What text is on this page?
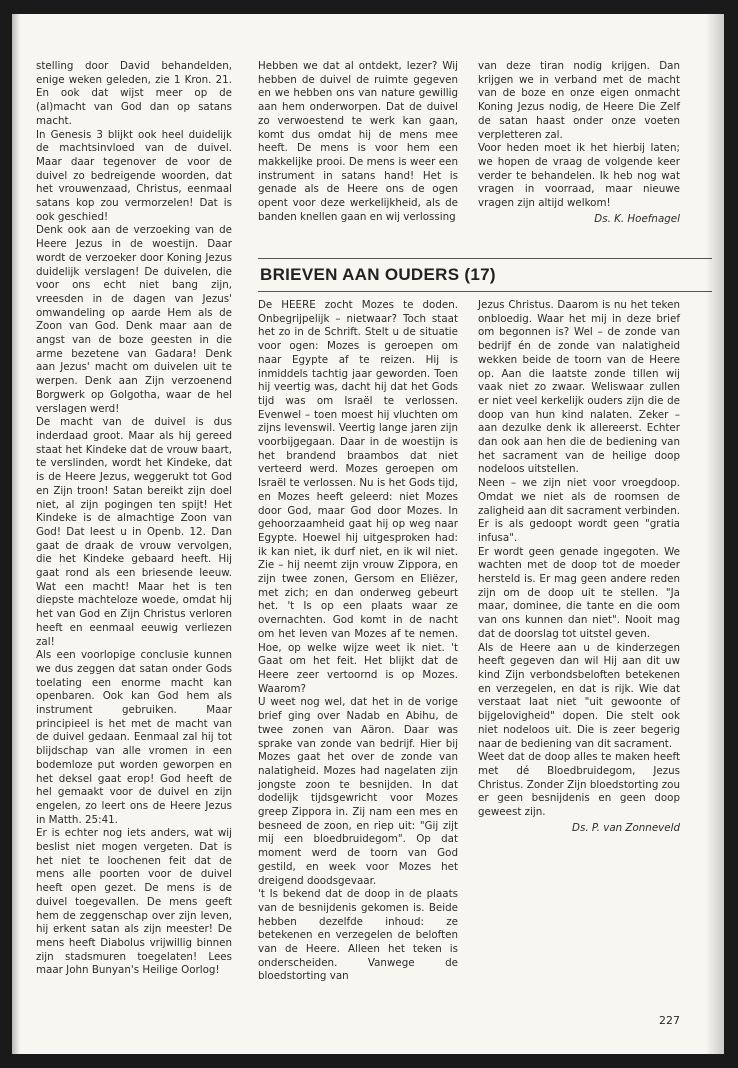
stelling door David behandelden, enige weken geleden, zie 1 Kron. 21. En ook dat wijst meer op de (al)macht van God dan op satans macht.

In Genesis 3 blijkt ook heel duidelijk de machtsinvloed van de duivel. Maar daar tegenover de voor de duivel zo bedreigende woorden, dat het vrouwenzaad, Christus, eenmaal satans kop zou vermorzelen! Dat is ook geschied!

Denk ook aan de verzoeking van de Heere Jezus in de woestijn. Daar wordt de verzoeker door Koning Jezus duidelijk verslagen! De duivelen, die voor ons echt niet bang zijn, vreesden in de dagen van Jezus' omwandeling op aarde Hem als de Zoon van God. Denk maar aan de angst van de boze geesten in die arme bezetene van Gadara! Denk aan Jezus' macht om duivelen uit te werpen. Denk aan Zijn verzoenend Borgwerk op Golgotha, waar de hel verslagen werd!

De macht van de duivel is dus inderdaad groot. Maar als hij gereed staat het Kindeke dat de vrouw baart, te verslinden, wordt het Kindeke, dat is de Heere Jezus, weggerukt tot God en Zijn troon! Satan bereikt zijn doel niet, al zijn pogingen ten spijt! Het Kindeke is de almachtige Zoon van God! Dat leest u in Openb. 12. Dan gaat de draak de vrouw vervolgen, die het Kindeke gebaard heeft. Hij gaat rond als een briesende leeuw. Wat een macht! Maar het is ten diepste machteloze woede, omdat hij het van God en Zijn Christus verloren heeft en eenmaal eeuwig verliezen zal!

Als een voorlopige conclusie kunnen we dus zeggen dat satan onder Gods toelating een enorme macht kan openbaren. Ook kan God hem als instrument gebruiken. Maar principieel is het met de macht van de duivel gedaan. Eenmaal zal hij tot blijdschap van alle vromen in een bodemloze put worden geworpen en het deksel gaat erop! God heeft de hel gemaakt voor de duivel en zijn engelen, zo leert ons de Heere Jezus in Matth. 25:41.

Er is echter nog iets anders, wat wij beslist niet mogen vergeten. Dat is het niet te loochenen feit dat de mens alle poorten voor de duivel heeft open gezet. De mens is de duivel toegevallen. De mens geeft hem de zeggenschap over zijn leven, hij erkent satan als zijn meester! De mens heeft Diabolus vrijwillig binnen zijn stadsmuren toegelaten! Lees maar John Bunyan's Heilige Oorlog!

Hebben we dat al ontdekt, lezer? Wij hebben de duivel de ruimte gegeven en we hebben ons van nature gewillig aan hem onderworpen. Dat de duivel zo verwoestend te werk kan gaan, komt dus omdat hij de mens mee heeft. De mens is voor hem een makkelijke prooi. De mens is weer een instrument in satans hand! Het is genade als de Heere ons de ogen opent voor deze werkelijkheid, als de banden knellen gaan en wij verlossing

van deze tiran nodig krijgen. Dan krijgen we in verband met de macht van de boze en onze eigen onmacht Koning Jezus nodig, de Heere Die Zelf de satan haast onder onze voeten verpletteren zal.

Voor heden moet ik het hierbij laten; we hopen de vraag de volgende keer verder te behandelen. Ik heb nog wat vragen in voorraad, maar nieuwe vragen zijn altijd welkom!

Ds. K. Hoefnagel

BRIEVEN AAN OUDERS (17)

De HEERE zocht Mozes te doden. Onbegrijpelijk – nietwaar? Toch staat het zo in de Schrift. Stelt u de situatie voor ogen: Mozes is geroepen om naar Egypte af te reizen. Hij is inmiddels tachtig jaar geworden. Toen hij veertig was, dacht hij dat het Gods tijd was om Israël te verlossen. Evenwel – toen moest hij vluchten om zijns levenswil. Veertig lange jaren zijn voorbijgegaan. Daar in de woestijn is het brandend braambos dat niet verteerd werd. Mozes geroepen om Israël te verlossen. Nu is het Gods tijd, en Mozes heeft geleerd: niet Mozes door God, maar God door Mozes. In gehoorzaamheid gaat hij op weg naar Egypte. Hoewel hij uitgesproken had: ik kan niet, ik durf niet, en ik wil niet. Zie – hij neemt zijn vrouw Zippora, en zijn twee zonen, Gersom en Eliëzer, met zich; en dan onderweg gebeurt het. 't Is op een plaats waar ze overnachten. God komt in de nacht om het leven van Mozes af te nemen. Hoe, op welke wijze weet ik niet. 't Gaat om het feit. Het blijkt dat de Heere zeer vertoornd is op Mozes. Waarom?

U weet nog wel, dat het in de vorige brief ging over Nadab en Abihu, de twee zonen van Aäron. Daar was sprake van zonde van bedrijf. Hier bij Mozes gaat het over de zonde van nalatigheid. Mozes had nagelaten zijn jongste zoon te besnijden. In dat dodelijk tijdsgewricht voor Mozes greep Zippora in. Zij nam een mes en besneed de zoon, en riep uit: "Gij zijt mij een bloedbruidegom". Op dat moment werd de toorn van God gestild, en week voor Mozes het dreigend doodsgevaar.

't Is bekend dat de doop in de plaats van de besnijdenis gekomen is. Beide hebben dezelfde inhoud: ze betekenen en verzegelen de beloften van de Heere. Alleen het teken is onderscheiden. Vanwege de bloedstorting van

Jezus Christus. Daarom is nu het teken onbloedig. Waar het mij in deze brief om begonnen is? Wel – de zonde van bedrijf én de zonde van nalatigheid wekken beide de toorn van de Heere op. Aan die laatste zonde tillen wij vaak niet zo zwaar. Weliswaar zullen er niet veel kerkelijk ouders zijn die de doop van hun kind nalaten. Zeker – aan dezulke denk ik allereerst. Echter dan ook aan hen die de bediening van het sacrament van de heilige doop nodeloos uitstellen.

Neen – we zijn niet voor vroegdoop. Omdat we niet als de roomsen de zaligheid aan dit sacrament verbinden. Er is als gedoopt wordt geen "gratia infusa".

Er wordt geen genade ingegoten. We wachten met de doop tot de moeder hersteld is. Er mag geen andere reden zijn om de doop uit te stellen. "Ja maar, dominee, die tante en die oom van ons kunnen dan niet". Nooit mag dat de doorslag tot uitstel geven.

Als de Heere aan u de kinderzegen heeft gegeven dan wil Hij aan dit uw kind Zijn verbondsbeloften betekenen en verzegelen, en dat is rijk. Wie dat verstaat laat niet "uit gewoonte of bijgelovigheid" dopen. Die stelt ook niet nodeloos uit. Die is zeer begerig naar de bediening van dit sacrament.

Weet dat de doop alles te maken heeft met dé Bloedbruidegom, Jezus Christus. Zonder Zijn bloedstorting zou er geen besnijdenis en geen doop geweest zijn.

Ds. P. van Zonneveld

227
